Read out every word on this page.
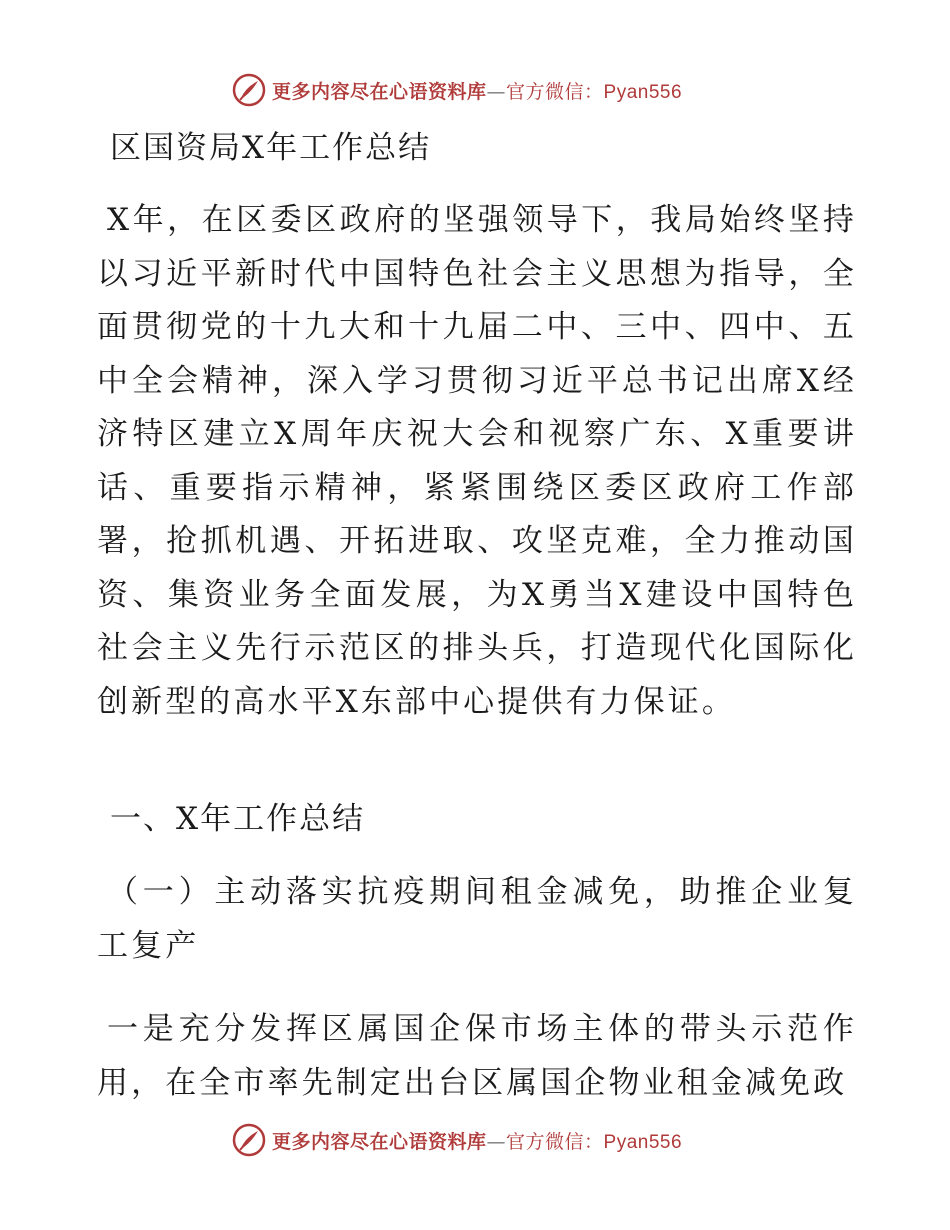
更多内容尽在心语资料库—官方微信：Pyan556
区国资局X年工作总结

X年，在区委区政府的坚强领导下，我局始终坚持以习近平新时代中国特色社会主义思想为指导，全面贯彻党的十九大和十九届二中、三中、四中、五中全会精神，深入学习贯彻习近平总书记出席X经济特区建立X周年庆祝大会和视察广东、X重要讲话、重要指示精神，紧紧围绕区委区政府工作部署，抢抓机遇、开拓进取、攻坚克难，全力推动国资、集资业务全面发展，为X勇当X建设中国特色社会主义先行示范区的排头兵，打造现代化国际化创新型的高水平X东部中心提供有力保证。

一、X年工作总结

（一）主动落实抗疫期间租金减免，助推企业复工复产

一是充分发挥区属国企保市场主体的带头示范作用，在全市率先制定出台区属国企物业租金减免政

更多内容尽在心语资料库—官方微信：Pyan556
